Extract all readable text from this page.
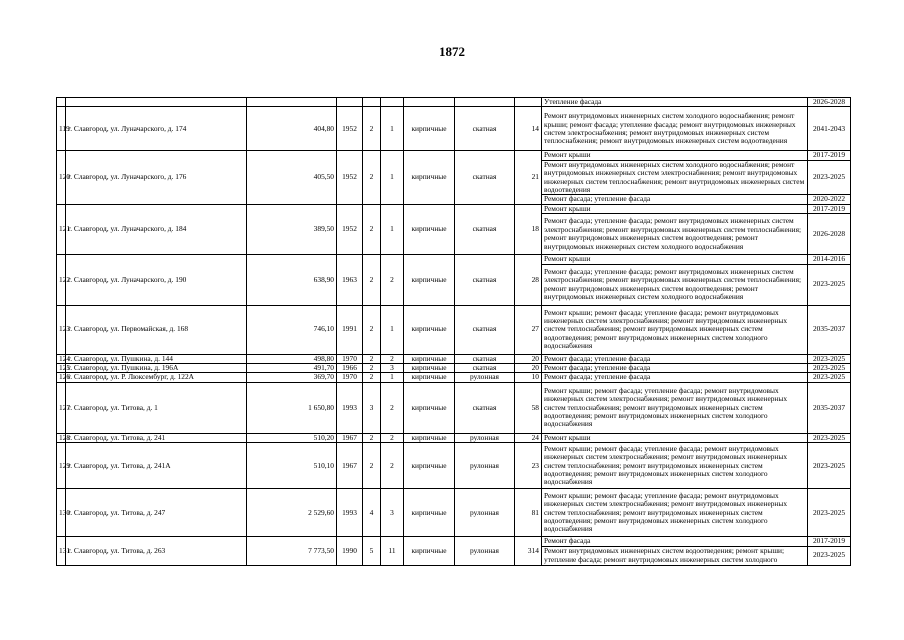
1872
									Утепление фасада	2026-2028
119	г. Славгород, ул. Луначарского, д. 174	404,80	1952	2	1	кирпичные	скатная	14	Ремонт внутридомовых инженерных систем холодного водоснабжения; ремонт крыши; ремонт фасада; утепление фасада; ремонт внутридомовых инженерных систем электроснабжения; ремонт внутридомовых инженерных систем теплоснабжения; ремонт внутридомовых инженерных систем водоотведения	2041-2043
120	г. Славгород, ул. Луначарского, д. 176	405,50	1952	2	1	кирпичные	скатная	21	Ремонт крыши	2017-2019
									Ремонт внутридомовых инженерных систем холодного водоснабжения; ремонт внутридомовых инженерных систем электроснабжения; ремонт внутридомовых инженерных систем теплоснабжения; ремонт внутридомовых инженерных систем водоотведения	2023-2025
									Ремонт фасада; утепление фасада	2020-2022
121	г. Славгород, ул. Луначарского, д. 184	389,50	1952	2	1	кирпичные	скатная	18	Ремонт крыши	2017-2019
									Ремонт фасада; утепление фасада; ремонт внутридомовых инженерных систем электроснабжения; ремонт внутридомовых инженерных систем теплоснабжения; ремонт внутридомовых инженерных систем водоотведения; ремонт внутридомовых инженерных систем холодного водоснабжения	2026-2028
122	г. Славгород, ул. Луначарского, д. 190	638,90	1963	2	2	кирпичные	скатная	28	Ремонт крыши	2014-2016
									Ремонт фасада; утепление фасада; ремонт внутридомовых инженерных систем электроснабжения; ремонт внутридомовых инженерных систем теплоснабжения; ремонт внутридомовых инженерных систем водоотведения; ремонт внутридомовых инженерных систем холодного водоснабжения	2023-2025
123	г. Славгород, ул. Первомайская, д. 168	746,10	1991	2	1	кирпичные	скатная	27	Ремонт крыши; ремонт фасада; утепление фасада; ремонт внутридомовых инженерных систем электроснабжения; ремонт внутридомовых инженерных систем теплоснабжения; ремонт внутридомовых инженерных систем водоотведения; ремонт внутридомовых инженерных систем холодного водоснабжения	2035-2037
124	г. Славгород, ул. Пушкина, д. 144	498,80	1970	2	2	кирпичные	скатная	20	Ремонт фасада; утепление фасада	2023-2025
125	г. Славгород, ул. Пушкина, д. 196А	491,70	1966	2	3	кирпичные	скатная	20	Ремонт фасада; утепление фасада	2023-2025
126	г. Славгород, ул. Р. Люксембург, д. 122А	369,70	1970	2	1	кирпичные	рулонная	10	Ремонт фасада; утепление фасада	2023-2025
127	г. Славгород, ул. Титова, д. 1	1 650,80	1993	3	2	кирпичные	скатная	58	Ремонт крыши; ремонт фасада; утепление фасада; ремонт внутридомовых инженерных систем электроснабжения; ремонт внутридомовых инженерных систем теплоснабжения; ремонт внутридомовых инженерных систем водоотведения; ремонт внутридомовых инженерных систем холодного водоснабжения	2035-2037
128	г. Славгород, ул. Титова, д. 241	510,20	1967	2	2	кирпичные	рулонная	24	Ремонт крыши	2023-2025
129	г. Славгород, ул. Титова, д. 241А	510,10	1967	2	2	кирпичные	рулонная	23	Ремонт крыши; ремонт фасада; утепление фасада; ремонт внутридомовых инженерных систем электроснабжения; ремонт внутридомовых инженерных систем теплоснабжения; ремонт внутридомовых инженерных систем водоотведения; ремонт внутридомовых инженерных систем холодного водоснабжения	2023-2025
130	г. Славгород, ул. Титова, д. 247	2 529,60	1993	4	3	кирпичные	рулонная	81	Ремонт крыши; ремонт фасада; утепление фасада; ремонт внутридомовых инженерных систем электроснабжения; ремонт внутридомовых инженерных систем теплоснабжения; ремонт внутридомовых инженерных систем водоотведения; ремонт внутридомовых инженерных систем холодного водоснабжения	2023-2025
131	г. Славгород, ул. Титова, д. 263	7 773,50	1990	5	11	кирпичные	рулонная	314	Ремонт фасада	2017-2019
									Ремонт внутридомовых инженерных систем водоотведения; ремонт крыши; утепление фасада; ремонт внутридомовых инженерных систем холодного	2023-2025
